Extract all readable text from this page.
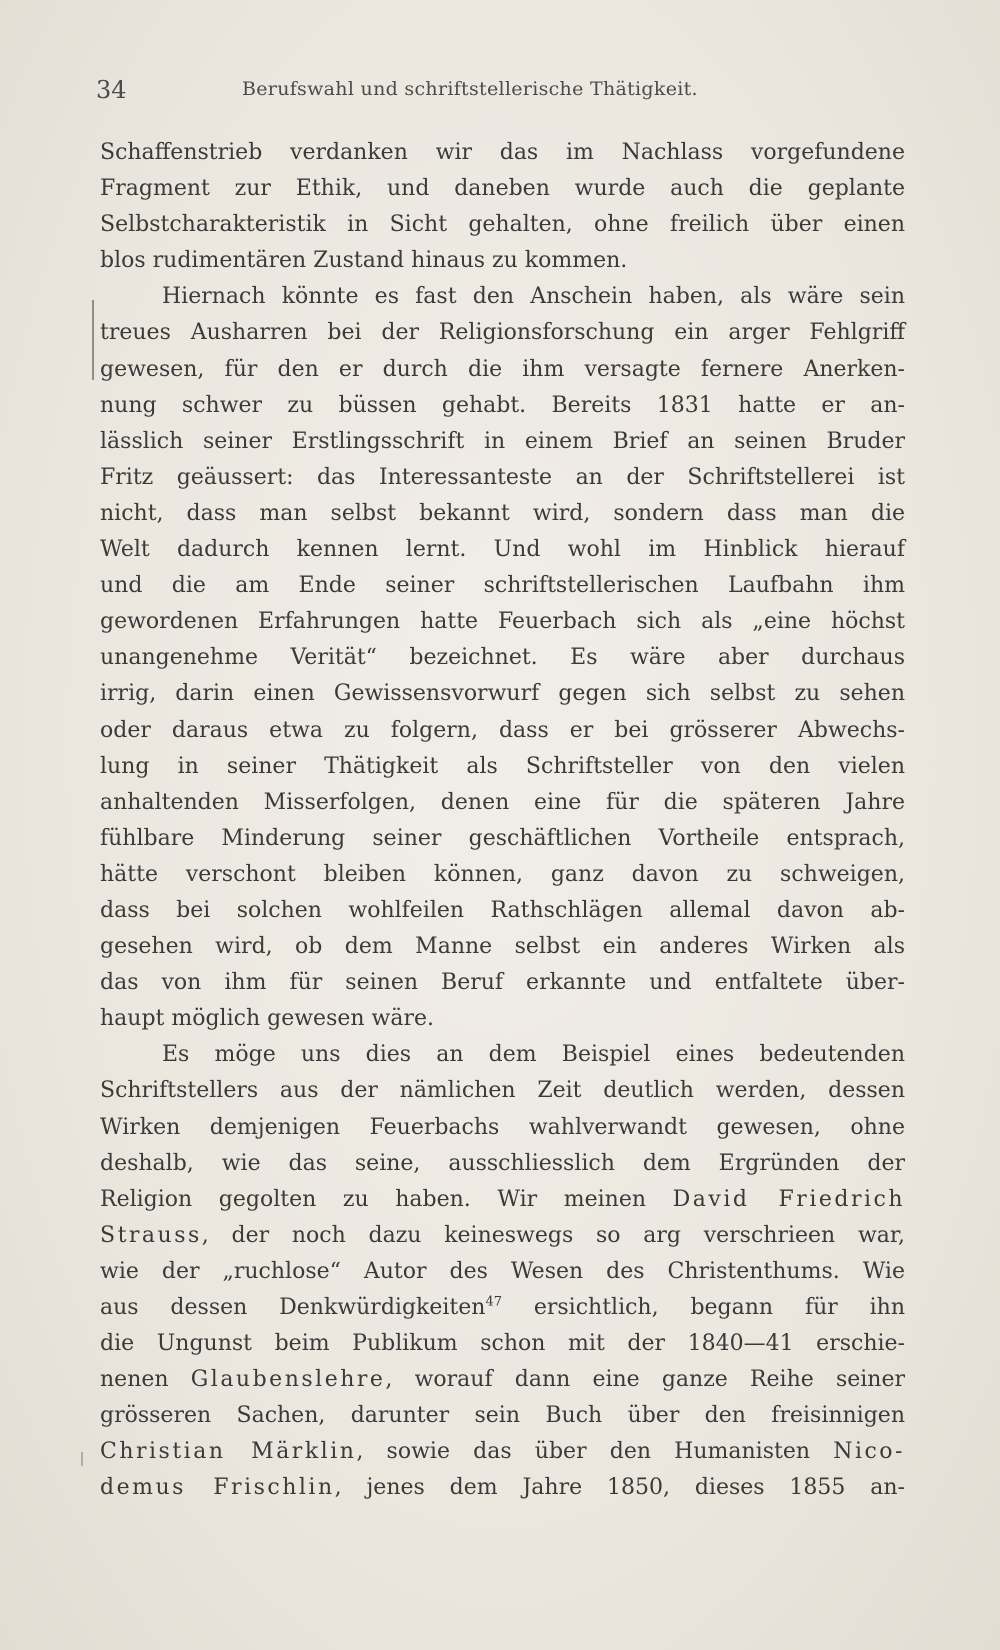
34	Berufswahl und schriftstellerische Thätigkeit.
Schaffenstrieb verdanken wir das im Nachlass vorgefundene
Fragment zur Ethik, und daneben wurde auch die geplante
Selbstcharakteristik in Sicht gehalten, ohne freilich über einen
blos rudimentären Zustand hinaus zu kommen.
Hiernach könnte es fast den Anschein haben, als wäre sein
treues Ausharren bei der Religionsforschung ein arger Fehlgriff
gewesen, für den er durch die ihm versagte fernere Anerken-
nung schwer zu büssen gehabt. Bereits 1831 hatte er an-
lässlich seiner Erstlingsschrift in einem Brief an seinen Bruder
Fritz geäussert: das Interessanteste an der Schriftstellerei ist
nicht, dass man selbst bekannt wird, sondern dass man die
Welt dadurch kennen lernt. Und wohl im Hinblick hierauf
und die am Ende seiner schriftstellerischen Laufbahn ihm
gewordenen Erfahrungen hatte Feuerbach sich als „eine höchst
unangenehme Verität“ bezeichnet. Es wäre aber durchaus
irrig, darin einen Gewissensvorwurf gegen sich selbst zu sehen
oder daraus etwa zu folgern, dass er bei grösserer Abwechs-
lung in seiner Thätigkeit als Schriftsteller von den vielen
anhaltenden Misserfolgen, denen eine für die späteren Jahre
fühlbare Minderung seiner geschäftlichen Vortheile entsprach,
hätte verschont bleiben können, ganz davon zu schweigen,
dass bei solchen wohlfeilen Rathschlägen allemal davon ab-
gesehen wird, ob dem Manne selbst ein anderes Wirken als
das von ihm für seinen Beruf erkannte und entfaltete über-
haupt möglich gewesen wäre.
Es möge uns dies an dem Beispiel eines bedeutenden
Schriftstellers aus der nämlichen Zeit deutlich werden, dessen
Wirken demjenigen Feuerbachs wahlverwandt gewesen, ohne
deshalb, wie das seine, ausschliesslich dem Ergründen der
Religion gegolten zu haben. Wir meinen David Friedrich
Strauss, der noch dazu keineswegs so arg verschrieen war,
wie der „ruchlose“ Autor des Wesen des Christenthums. Wie
aus dessen Denkwürdigkeiten$^{47}$ ersichtlich, begann für ihn
die Ungunst beim Publikum schon mit der 1840—41 erschie-
nenen Glaubenslehre, worauf dann eine ganze Reihe seiner
grösseren Sachen, darunter sein Buch über den freisinnigen
Christian Märklin, sowie das über den Humanisten Nico-
demus Frischlin, jenes dem Jahre 1850, dieses 1855 an-
